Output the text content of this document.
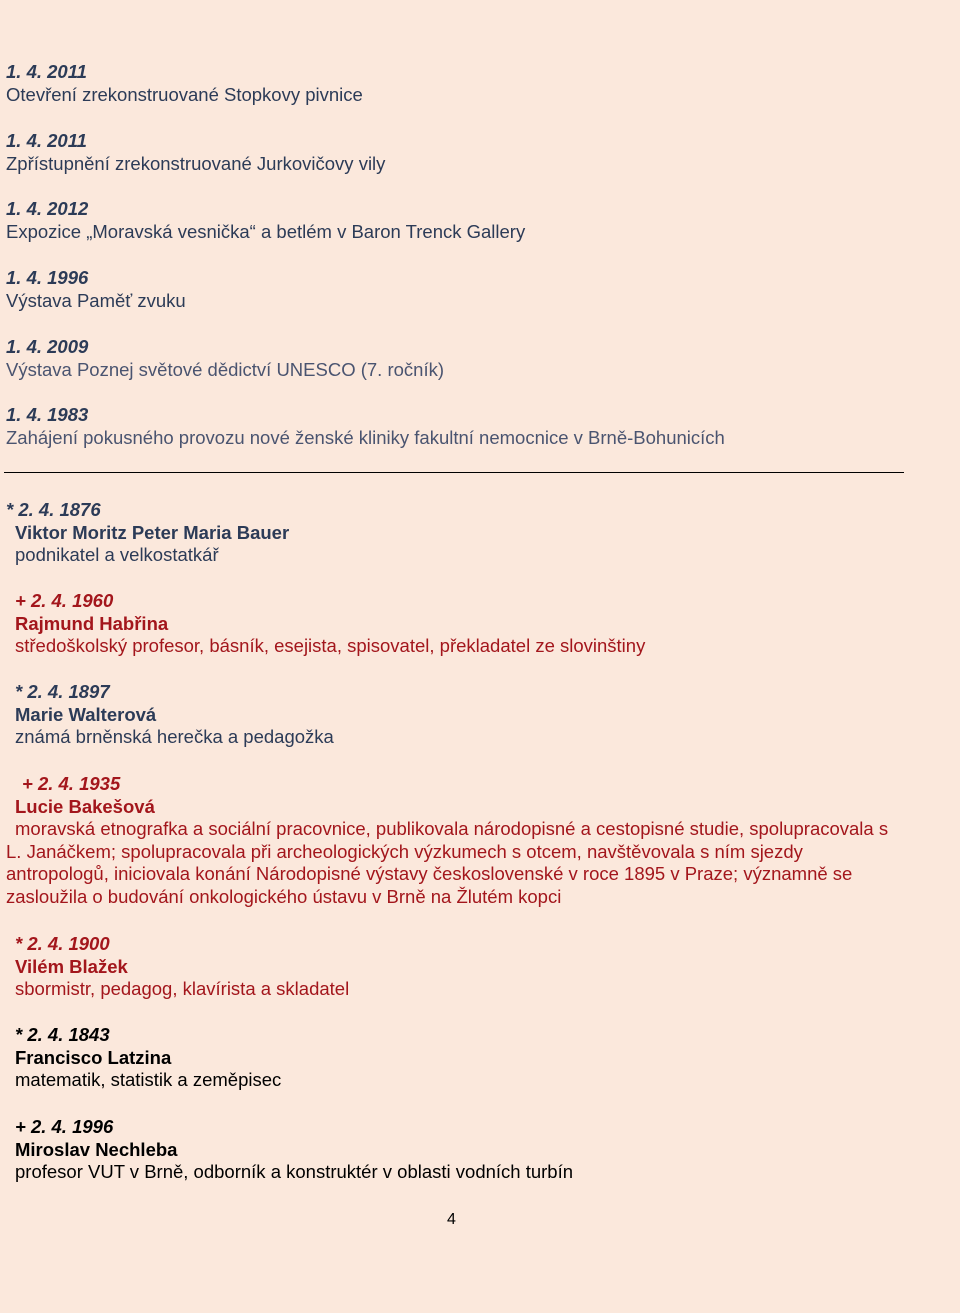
1. 4. 2011
Otevření zrekonstruované Stopkovy pivnice
1. 4. 2011
Zpřístupnění zrekonstruované Jurkovičovy vily
1. 4. 2012
Expozice „Moravská vesnička“ a betlém v Baron Trenck Gallery
1. 4. 1996
Výstava Paměť zvuku
1. 4. 2009
Výstava Poznej světové dědictví UNESCO (7. ročník)
1. 4. 1983
Zahájení pokusného provozu nové ženské kliniky fakultní nemocnice v Brně-Bohunicích
* 2. 4. 1876
Viktor Moritz Peter Maria Bauer
podnikatel a velkostatkář
+ 2. 4. 1960
Rajmund Habřina
středoškolský profesor, básník, esejista, spisovatel, překladatel ze slovinštiny
* 2. 4. 1897
Marie Walterová
známá brněnská herečka a pedagožka
+ 2. 4. 1935
Lucie Bakešová
moravská etnografka a sociální pracovnice, publikovala národopisné a cestopisné studie, spolupracovala s L. Janáčkem; spolupracovala při archeologických výzkumech s otcem, navštěvovala s ním sjezdy antropologů, iniciovala konání Národopisné výstavy československé v roce 1895 v Praze; významně se zasloužila o budování onkologického ústavu v Brně na Žlutém kopci
* 2. 4. 1900
Vilém Blažek
sbormistr, pedagog, klavírista a skladatel
* 2. 4. 1843
Francisco Latzina
matematik, statistik a zeměpisec
+ 2. 4. 1996
Miroslav Nechleba
profesor VUT v Brně, odborník a konstruktér v oblasti vodních turbín
4
